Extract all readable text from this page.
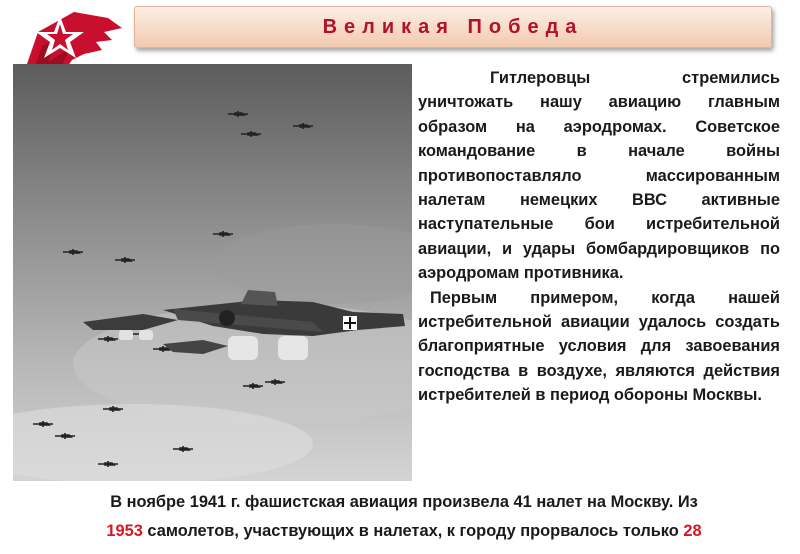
Великая Победа

Гитлеровцы стремились уничтожать нашу авиацию главным образом на аэродромах. Советское командование в начале войны противопоставляло массированным налетам немецких ВВС активные наступательные бои истребительной авиации, и удары бомбардировщиков по аэродромам противника.

Первым примером, когда нашей истребительной авиации удалось создать благоприятные условия для завоевания господства в воздухе, являются действия истребителей в период обороны Москвы.

В ноябре 1941 г. фашистская авиация произвела 41 налет на Москву. Из
1953 самолетов, участвующих в налетах, к городу прорвалось только 28
